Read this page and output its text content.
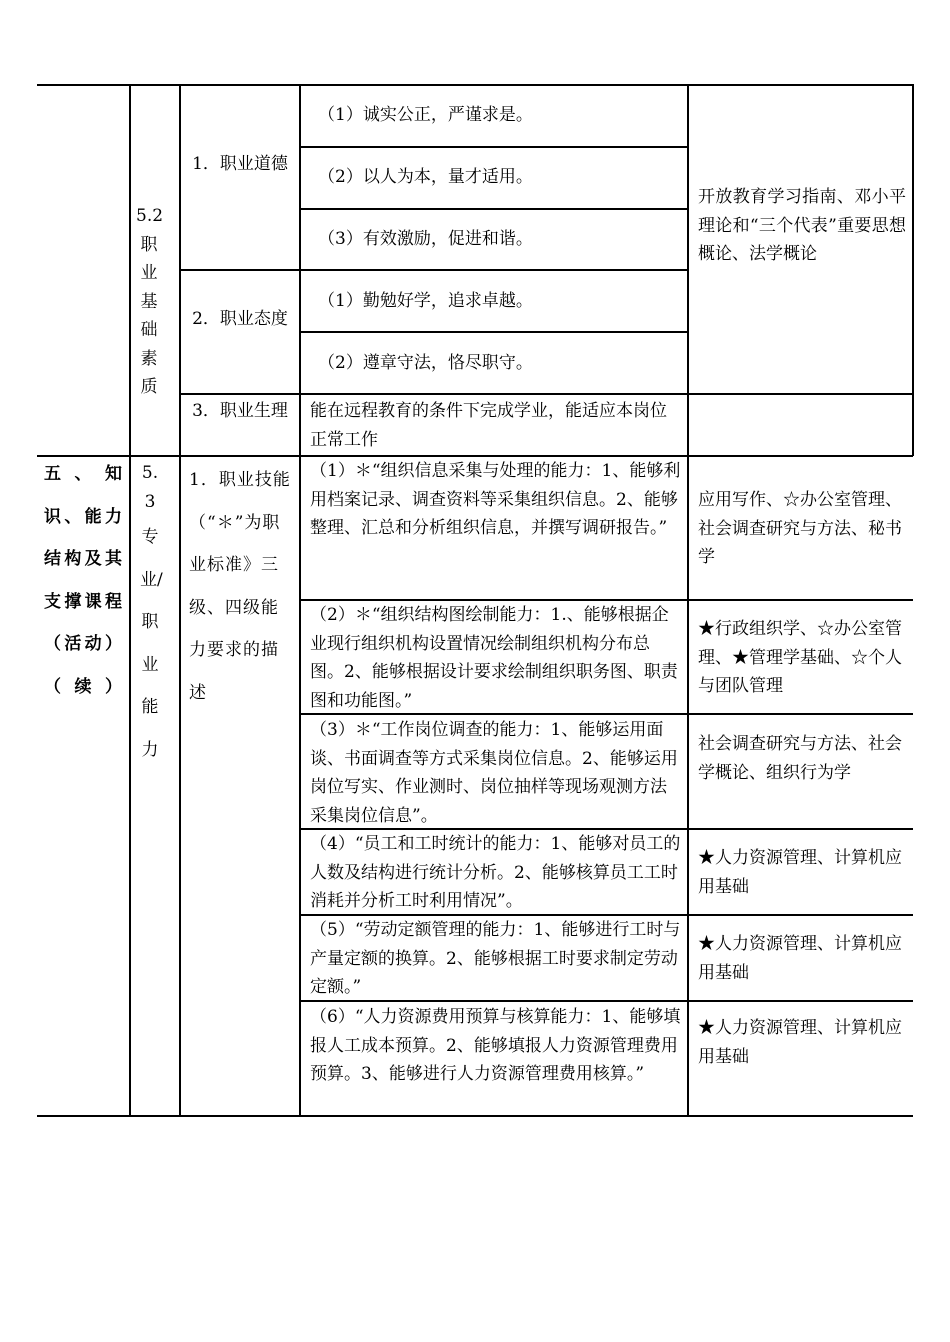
5.2
职业基础素质
1．职业道德
2．职业态度
3．职业生理
（1）诚实公正，严谨求是。
（2）以人为本，量才适用。
（3）有效激励，促进和谐。
（1）勤勉好学，追求卓越。
（2）遵章守法，恪尽职守。
能在远程教育的条件下完成学业，能适应本岗位正常工作
开放教育学习指南、邓小平理论和“三个代表”重要思想概论、法学概论
五、知识、能力结构及其支撑课程（活动）（续）
5.3
专业/职业能力
1．职业技能（“＊”为职业标准》三级、四级能力要求的描述
（1）＊“组织信息采集与处理的能力：1、能够利用档案记录、调查资料等采集组织信息。2、能够整理、汇总和分析组织信息，并撰写调研报告。”
应用写作、☆办公室管理、社会调查研究与方法、秘书学
（2）＊“组织结构图绘制能力：1.、能够根据企业现行组织机构设置情况绘制组织机构分布总图。2、能够根据设计要求绘制组织职务图、职责图和功能图。”
★行政组织学、☆办公室管理、★管理学基础、☆个人与团队管理
（3）＊“工作岗位调查的能力：1、能够运用面谈、书面调查等方式采集岗位信息。2、能够运用岗位写实、作业测时、岗位抽样等现场观测方法采集岗位信息”。
社会调查研究与方法、社会学概论、组织行为学
（4）“员工和工时统计的能力：1、能够对员工的人数及结构进行统计分析。2、能够核算员工工时消耗并分析工时利用情况”。
★人力资源管理、计算机应用基础
（5）“劳动定额管理的能力：1、能够进行工时与产量定额的换算。2、能够根据工时要求制定劳动定额。”
★人力资源管理、计算机应用基础
（6）“人力资源费用预算与核算能力：1、能够填报人工成本预算。2、能够填报人力资源管理费用预算。3、能够进行人力资源管理费用核算。”
★人力资源管理、计算机应用基础
